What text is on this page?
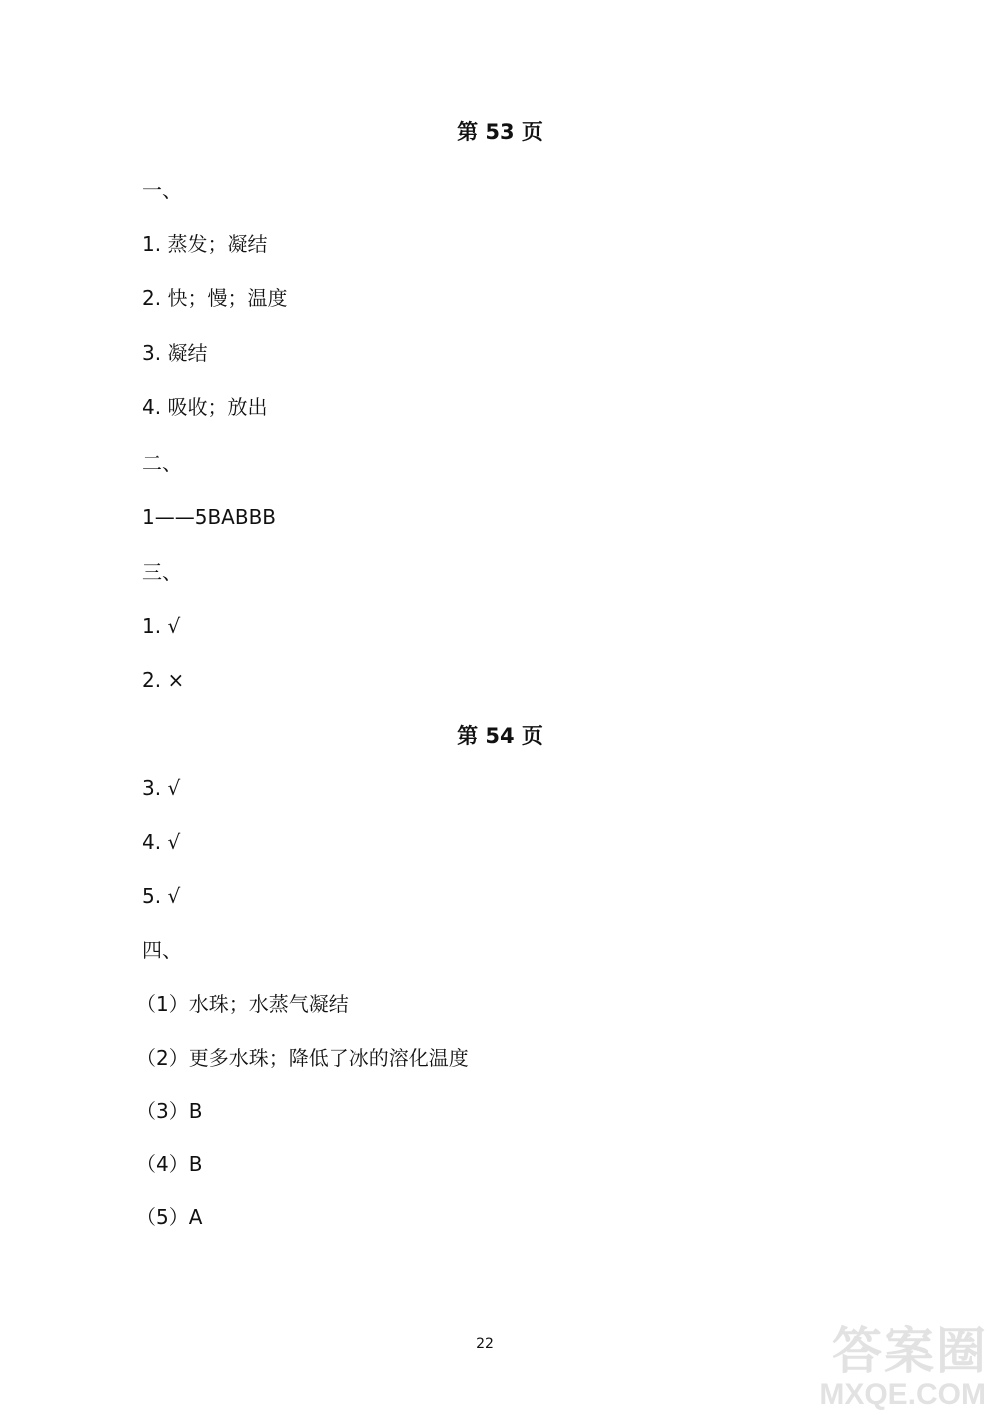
第 53 页
一、
1. 蒸发；凝结
2. 快；慢；温度
3. 凝结
4. 吸收；放出
二、
1——5BABBB
三、
1. √
2. ×
第 54 页
3. √
4. √
5. √
四、
（1）水珠；水蒸气凝结
（2）更多水珠；降低了冰的溶化温度
（3）B
（4）B
（5）A
22	答案圈
MXQE.COM
